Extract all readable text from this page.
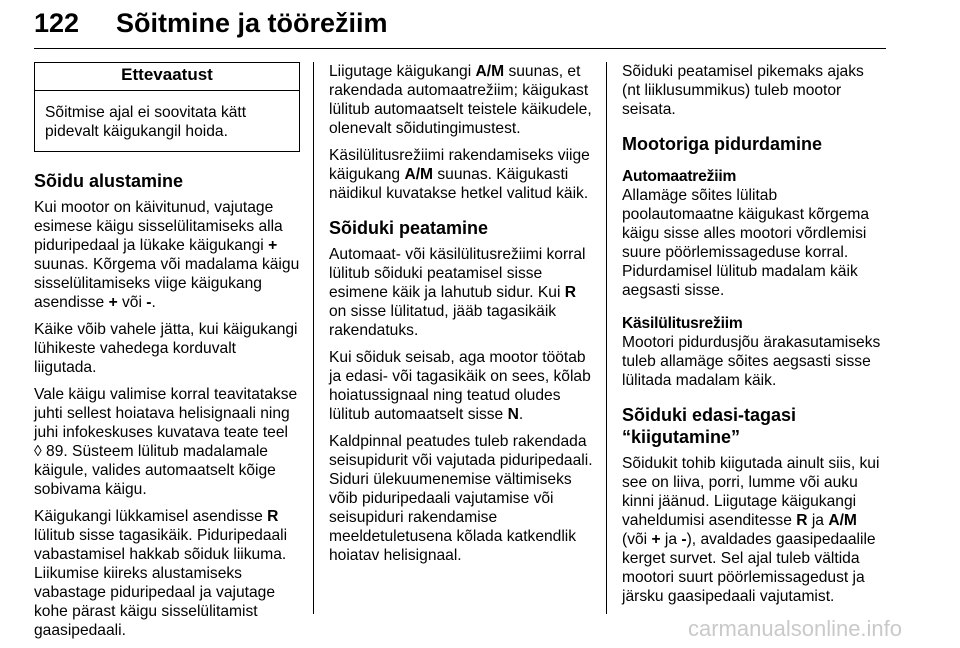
122 Sõitmine ja töörežiim
Ettevaatust
Sõitmise ajal ei soovitata kätt pidevalt käigukangil hoida.
Sõidu alustamine

Kui mootor on käivitunud, vajutage esimese käigu sisselülitamiseks alla piduripedaal ja lükake käigukangi + suunas. Kõrgema või madalama käigu sisselülitamiseks viige käigukang asendisse + või -.

Käike võib vahele jätta, kui käigukangi lühikeste vahedega korduvalt liigutada.

Vale käigu valimise korral teavitatakse juhti sellest hoiatava helisignaali ning juhi infokeskuses kuvatava teate teel ◊ 89. Süsteem lülitub madalamale käigule, valides automaatselt kõige sobivama käigu.

Käigukangi lükkamisel asendisse R lülitub sisse tagasikäik. Piduripedaali vabastamisel hakkab sõiduk liikuma. Liikumise kiireks alustamiseks vabastage piduripedaal ja vajutage kohe pärast käigu sisselülitamist gaasipedaali.

Liigutage käigukangi A/M suunas, et rakendada automaatrežiim; käigukast lülitub automaatselt teistele käikudele, olenevalt sõidutingimustest.

Käsilülitusrežiimi rakendamiseks viige käigukang A/M suunas. Käigukasti näidikul kuvatakse hetkel valitud käik.

Sõiduki peatamine

Automaat- või käsilülitusrežiimi korral lülitub sõiduki peatamisel sisse esimene käik ja lahutub sidur. Kui R on sisse lülitatud, jääb tagasikäik rakendatuks.

Kui sõiduk seisab, aga mootor töötab ja edasi- või tagasikäik on sees, kõlab hoiatussignaal ning teatud oludes lülitub automaatselt sisse N.

Kaldpinnal peatudes tuleb rakendada seisupidurit või vajutada piduripedaali. Siduri ülekuumenemise vältimiseks võib piduripedaali vajutamise või seisupiduri rakendamise meeldetuletusena kõlada katkendlik hoiatav helisignaal.

Sõiduki peatamisel pikemaks ajaks (nt liiklusummikus) tuleb mootor seisata.

Mootoriga pidurdamine
Automaatrežiim

Allamäge sõites lülitab poolautomaatne käigukast kõrgema käigu sisse alles mootori võrdlemisi suure pöörlemissageduse korral. Pidurdamisel lülitub madalam käik aegsasti sisse.

Käsilülitusrežiim

Mootori pidurdusjõu ärakasutamiseks tuleb allamäge sõites aegsasti sisse lülitada madalam käik.

Sõiduki edasi-tagasi
“kiigutamine”

Sõidukit tohib kiigutada ainult siis, kui see on liiva, porri, lumme või auku kinni jäänud. Liigutage käigukangi vaheldumisi asenditesse R ja A/M (või + ja -), avaldades gaasipedaalile kerget survet. Sel ajal tuleb vältida mootori suurt pöörlemissagedust ja järsku gaasipedaali vajutamist.

carmanualsonline.info
